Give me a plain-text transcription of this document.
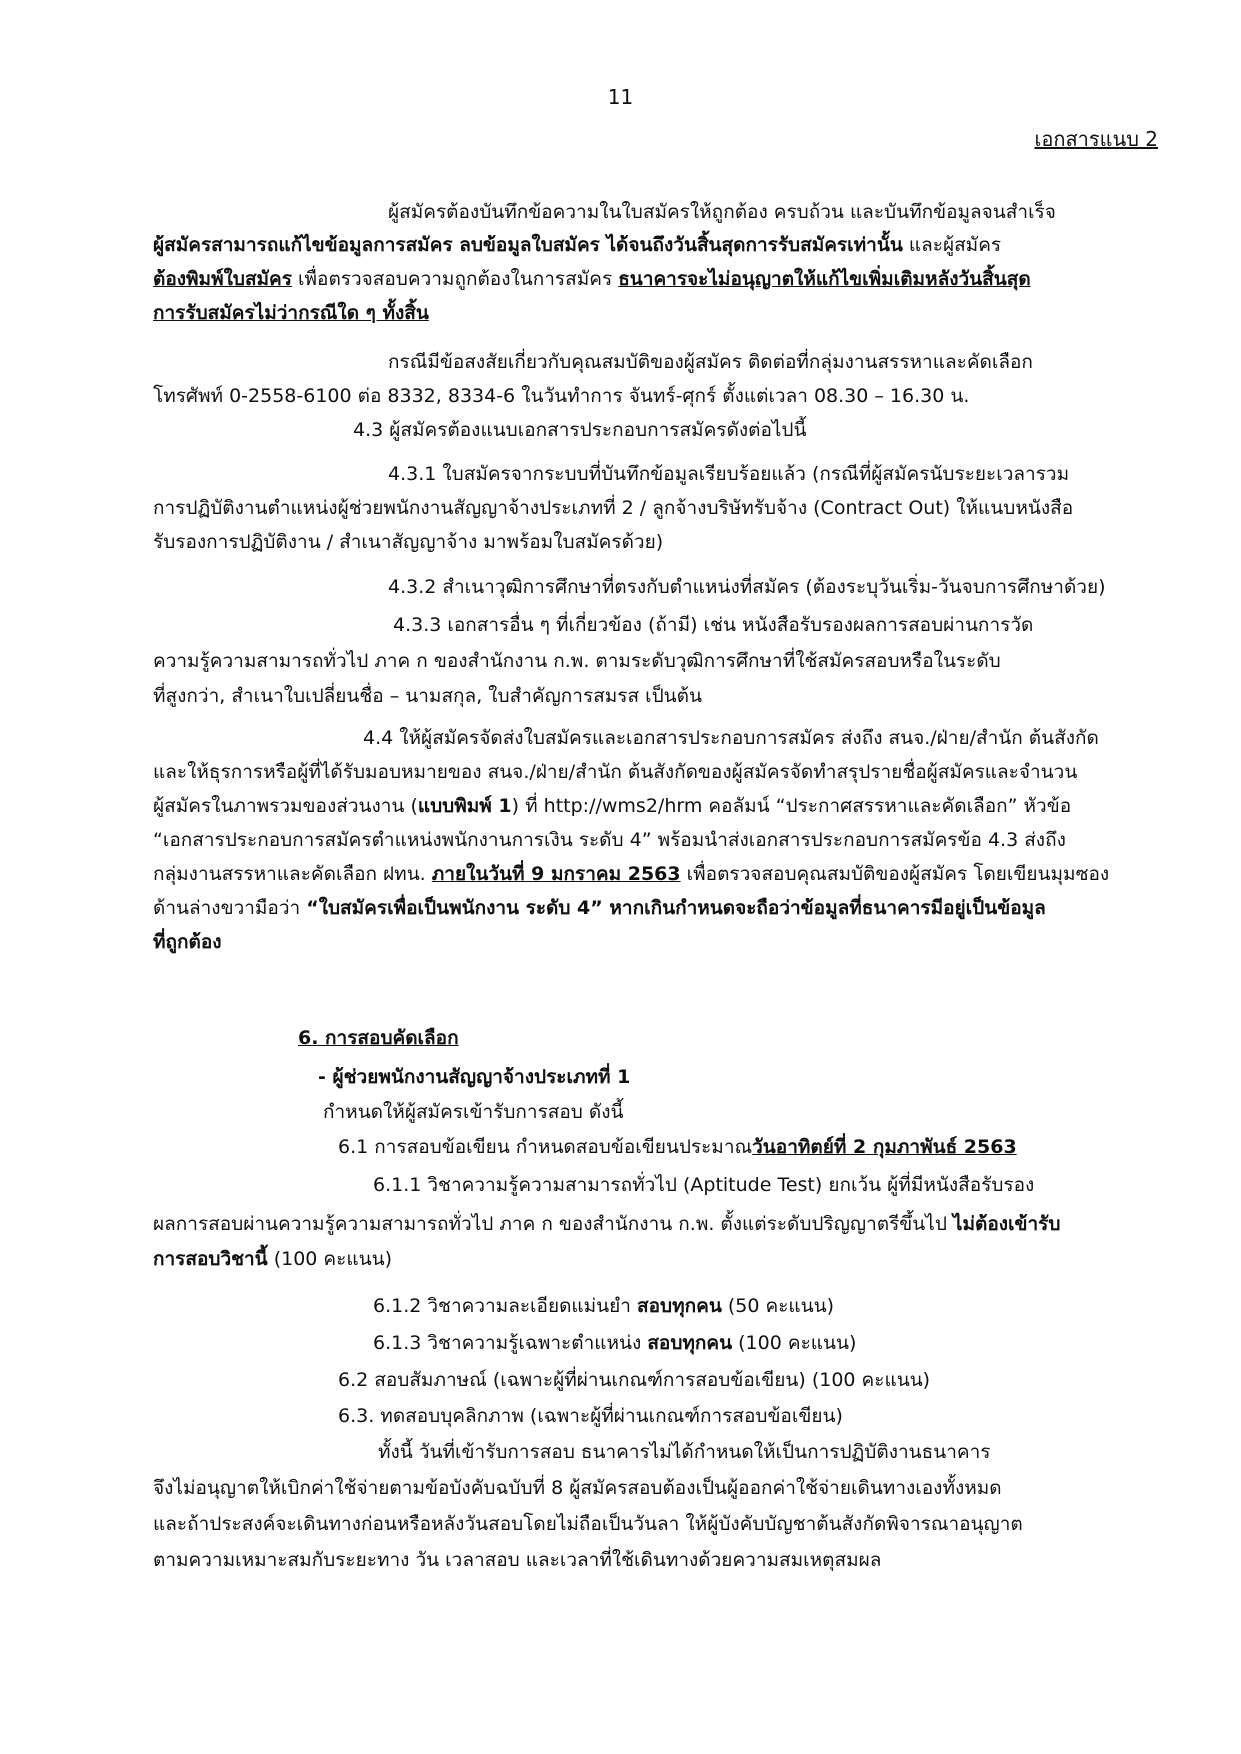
11
เอกสารแนบ 2
ผู้สมัครต้องบันทึกข้อความในใบสมัครให้ถูกต้อง ครบถ้วน และบันทึกข้อมูลจนสำเร็จ
ผู้สมัครสามารถแก้ไขข้อมูลการสมัคร ลบข้อมูลใบสมัคร ได้จนถึงวันสิ้นสุดการรับสมัครเท่านั้น และผู้สมัคร
ต้องพิมพ์ใบสมัคร เพื่อตรวจสอบความถูกต้องในการสมัคร ธนาคารจะไม่อนุญาตให้แก้ไขเพิ่มเติมหลังวันสิ้นสุด
การรับสมัครไม่ว่ากรณีใด ๆ ทั้งสิ้น
กรณีมีข้อสงสัยเกี่ยวกับคุณสมบัติของผู้สมัคร ติดต่อที่กลุ่มงานสรรหาและคัดเลือก
โทรศัพท์ 0-2558-6100 ต่อ 8332, 8334-6 ในวันทำการ จันทร์-ศุกร์ ตั้งแต่เวลา 08.30 – 16.30 น.
4.3 ผู้สมัครต้องแนบเอกสารประกอบการสมัครดังต่อไปนี้
4.3.1 ใบสมัครจากระบบที่บันทึกข้อมูลเรียบร้อยแล้ว (กรณีที่ผู้สมัครนับระยะเวลารวม
การปฏิบัติงานตำแหน่งผู้ช่วยพนักงานสัญญาจ้างประเภทที่ 2 / ลูกจ้างบริษัทรับจ้าง (Contract Out) ให้แนบหนังสือ
รับรองการปฏิบัติงาน / สำเนาสัญญาจ้าง มาพร้อมใบสมัครด้วย)
4.3.2 สำเนาวุฒิการศึกษาที่ตรงกับตำแหน่งที่สมัคร (ต้องระบุวันเริ่ม-วันจบการศึกษาด้วย)
4.3.3 เอกสารอื่น ๆ ที่เกี่ยวข้อง (ถ้ามี) เช่น หนังสือรับรองผลการสอบผ่านการวัด
ความรู้ความสามารถทั่วไป ภาค ก ของสำนักงาน ก.พ. ตามระดับวุฒิการศึกษาที่ใช้สมัครสอบหรือในระดับ
ที่สูงกว่า, สำเนาใบเปลี่ยนชื่อ – นามสกุล, ใบสำคัญการสมรส เป็นต้น
4.4 ให้ผู้สมัครจัดส่งใบสมัครและเอกสารประกอบการสมัคร ส่งถึง สนจ./ฝ่าย/สำนัก ต้นสังกัด
และให้ธุรการหรือผู้ที่ได้รับมอบหมายของ สนจ./ฝ่าย/สำนัก ต้นสังกัดของผู้สมัครจัดทำสรุปรายชื่อผู้สมัครและจำนวน
ผู้สมัครในภาพรวมของส่วนงาน (แบบพิมพ์ 1) ที่ http://wms2/hrm คอลัมน์ “ประกาศสรรหาและคัดเลือก” หัวข้อ
“เอกสารประกอบการสมัครตำแหน่งพนักงานการเงิน ระดับ 4” พร้อมนำส่งเอกสารประกอบการสมัครข้อ 4.3 ส่งถึง
กลุ่มงานสรรหาและคัดเลือก ฝทน. ภายในวันที่ 9 มกราคม 2563 เพื่อตรวจสอบคุณสมบัติของผู้สมัคร โดยเขียนมุมซอง
ด้านล่างขวามือว่า “ใบสมัครเพื่อเป็นพนักงาน ระดับ 4” หากเกินกำหนดจะถือว่าข้อมูลที่ธนาคารมีอยู่เป็นข้อมูล
ที่ถูกต้อง
6. การสอบคัดเลือก
- ผู้ช่วยพนักงานสัญญาจ้างประเภทที่ 1
กำหนดให้ผู้สมัครเข้ารับการสอบ ดังนี้
6.1 การสอบข้อเขียน กำหนดสอบข้อเขียนประมาณวันอาทิตย์ที่ 2 กุมภาพันธ์ 2563
6.1.1 วิชาความรู้ความสามารถทั่วไป (Aptitude Test) ยกเว้น ผู้ที่มีหนังสือรับรอง
ผลการสอบผ่านความรู้ความสามารถทั่วไป ภาค ก ของสำนักงาน ก.พ. ตั้งแต่ระดับปริญญาตรีขึ้นไป ไม่ต้องเข้ารับ
การสอบวิชานี้ (100 คะแนน)
6.1.2 วิชาความละเอียดแม่นยำ สอบทุกคน (50 คะแนน)
6.1.3 วิชาความรู้เฉพาะตำแหน่ง สอบทุกคน (100 คะแนน)
6.2 สอบสัมภาษณ์ (เฉพาะผู้ที่ผ่านเกณฑ์การสอบข้อเขียน) (100 คะแนน)
6.3. ทดสอบบุคลิกภาพ (เฉพาะผู้ที่ผ่านเกณฑ์การสอบข้อเขียน)
ทั้งนี้ วันที่เข้ารับการสอบ ธนาคารไม่ได้กำหนดให้เป็นการปฏิบัติงานธนาคาร
จึงไม่อนุญาตให้เบิกค่าใช้จ่ายตามข้อบังคับฉบับที่ 8 ผู้สมัครสอบต้องเป็นผู้ออกค่าใช้จ่ายเดินทางเองทั้งหมด
และถ้าประสงค์จะเดินทางก่อนหรือหลังวันสอบโดยไม่ถือเป็นวันลา ให้ผู้บังคับบัญชาต้นสังกัดพิจารณาอนุญาต
ตามความเหมาะสมกับระยะทาง วัน เวลาสอบ และเวลาที่ใช้เดินทางด้วยความสมเหตุสมผล
